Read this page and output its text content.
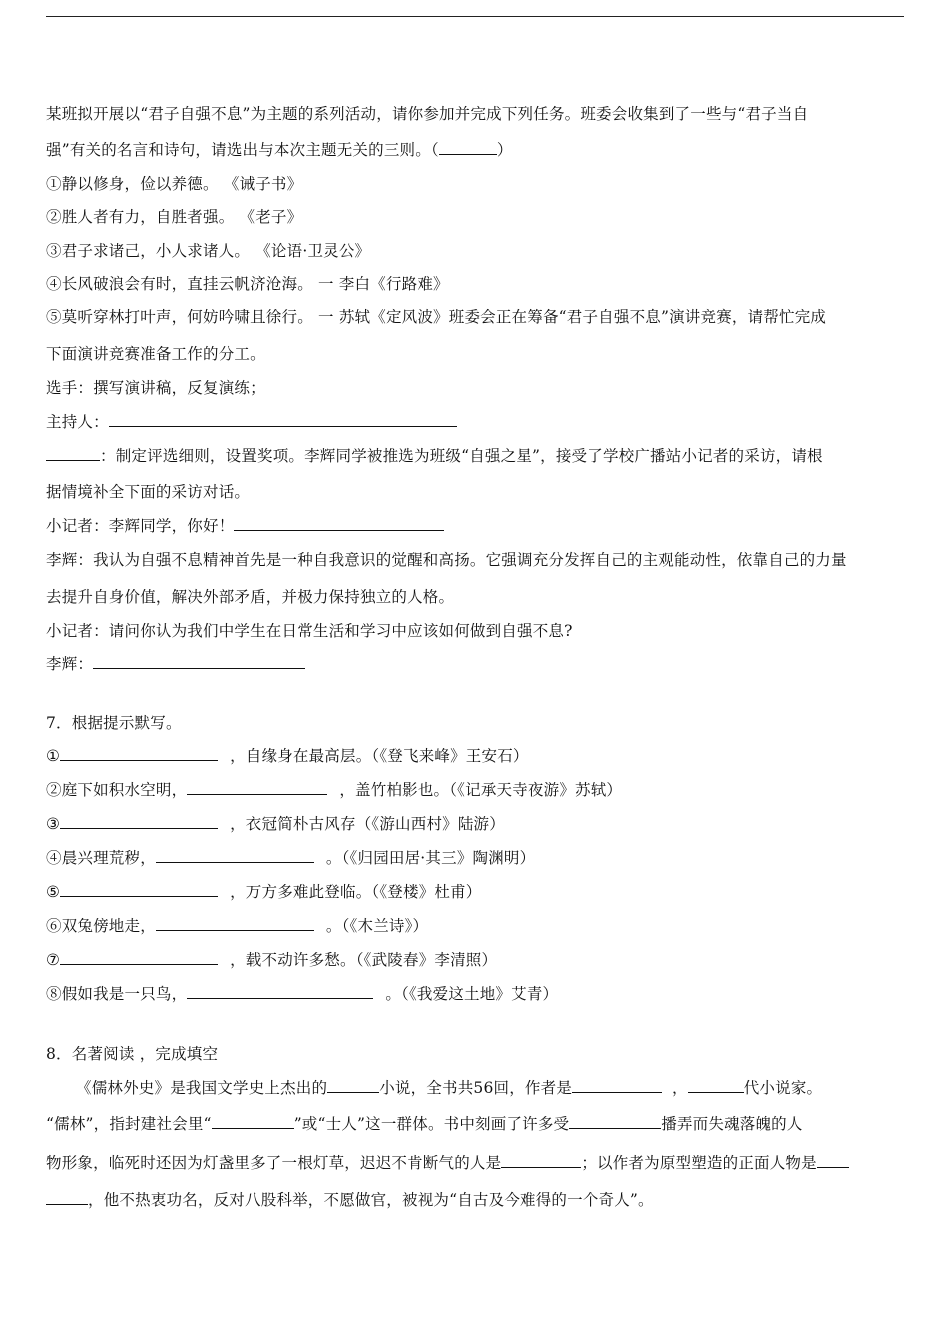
某班拟开展以“君子自强不息”为主题的系列活动，请你参加并完成下列任务。班委会收集到了一些与“君子当自
强”有关的名言和诗句，请选出与本次主题无关的三则。（	）
①静以修身，俭以养德。 《诫子书》
②胜人者有力，自胜者强。 《老子》
③君子求诸己，小人求诸人。 《论语·卫灵公》
④长风破浪会有时，直挂云帆济沧海。 一 李白《行路难》
⑤莫听穿林打叶声，何妨吟啸且徐行。 一 苏轼《定风波》班委会正在筹备“君子自强不息”演讲竞赛，请帮忙完成
下面演讲竞赛准备工作的分工。
选手：撰写演讲稿，反复演练；
主持人：
：制定评选细则，设置奖项。李辉同学被推选为班级“自强之星”，接受了学校广播站小记者的采访，请根
据情境补全下面的采访对话。
小记者：李辉同学，你好！
李辉：我认为自强不息精神首先是一种自我意识的觉醒和高扬。它强调充分发挥自己的主观能动性，依靠自己的力量
去提升自身价值，解决外部矛盾，并极力保持独立的人格。
小记者：请问你认为我们中学生在日常生活和学习中应该如何做到自强不息?
李辉：
7．根据提示默写。
①	，自缘身在最高层。（《登飞来峰》王安石）
②庭下如积水空明，	，盖竹柏影也。（《记承天寺夜游》苏轼）
③	，衣冠简朴古风存（《游山西村》陆游）
④晨兴理荒秽，	。（《归园田居·其三》陶渊明）
⑤	，万方多难此登临。（《登楼》杜甫）
⑥双兔傍地走，	。（《木兰诗》）
⑦	，载不动许多愁。（《武陵春》李清照）
⑧假如我是一只鸟，	。（《我爱这土地》艾青）
8．名著阅读 ，完成填空
《儒林外史》是我国文学史上杰出的	小说，全书共56回，作者是	，	代小说家。
“儒林”，指封建社会里“	”或“士人”这一群体。书中刻画了许多受	播弄而失魂落魄的人
物形象，临死时还因为灯盏里多了一根灯草，迟迟不肯断气的人是	；以作者为原型塑造的正面人物是
，他不热衷功名，反对八股科举，不愿做官，被视为“自古及今难得的一个奇人”。
